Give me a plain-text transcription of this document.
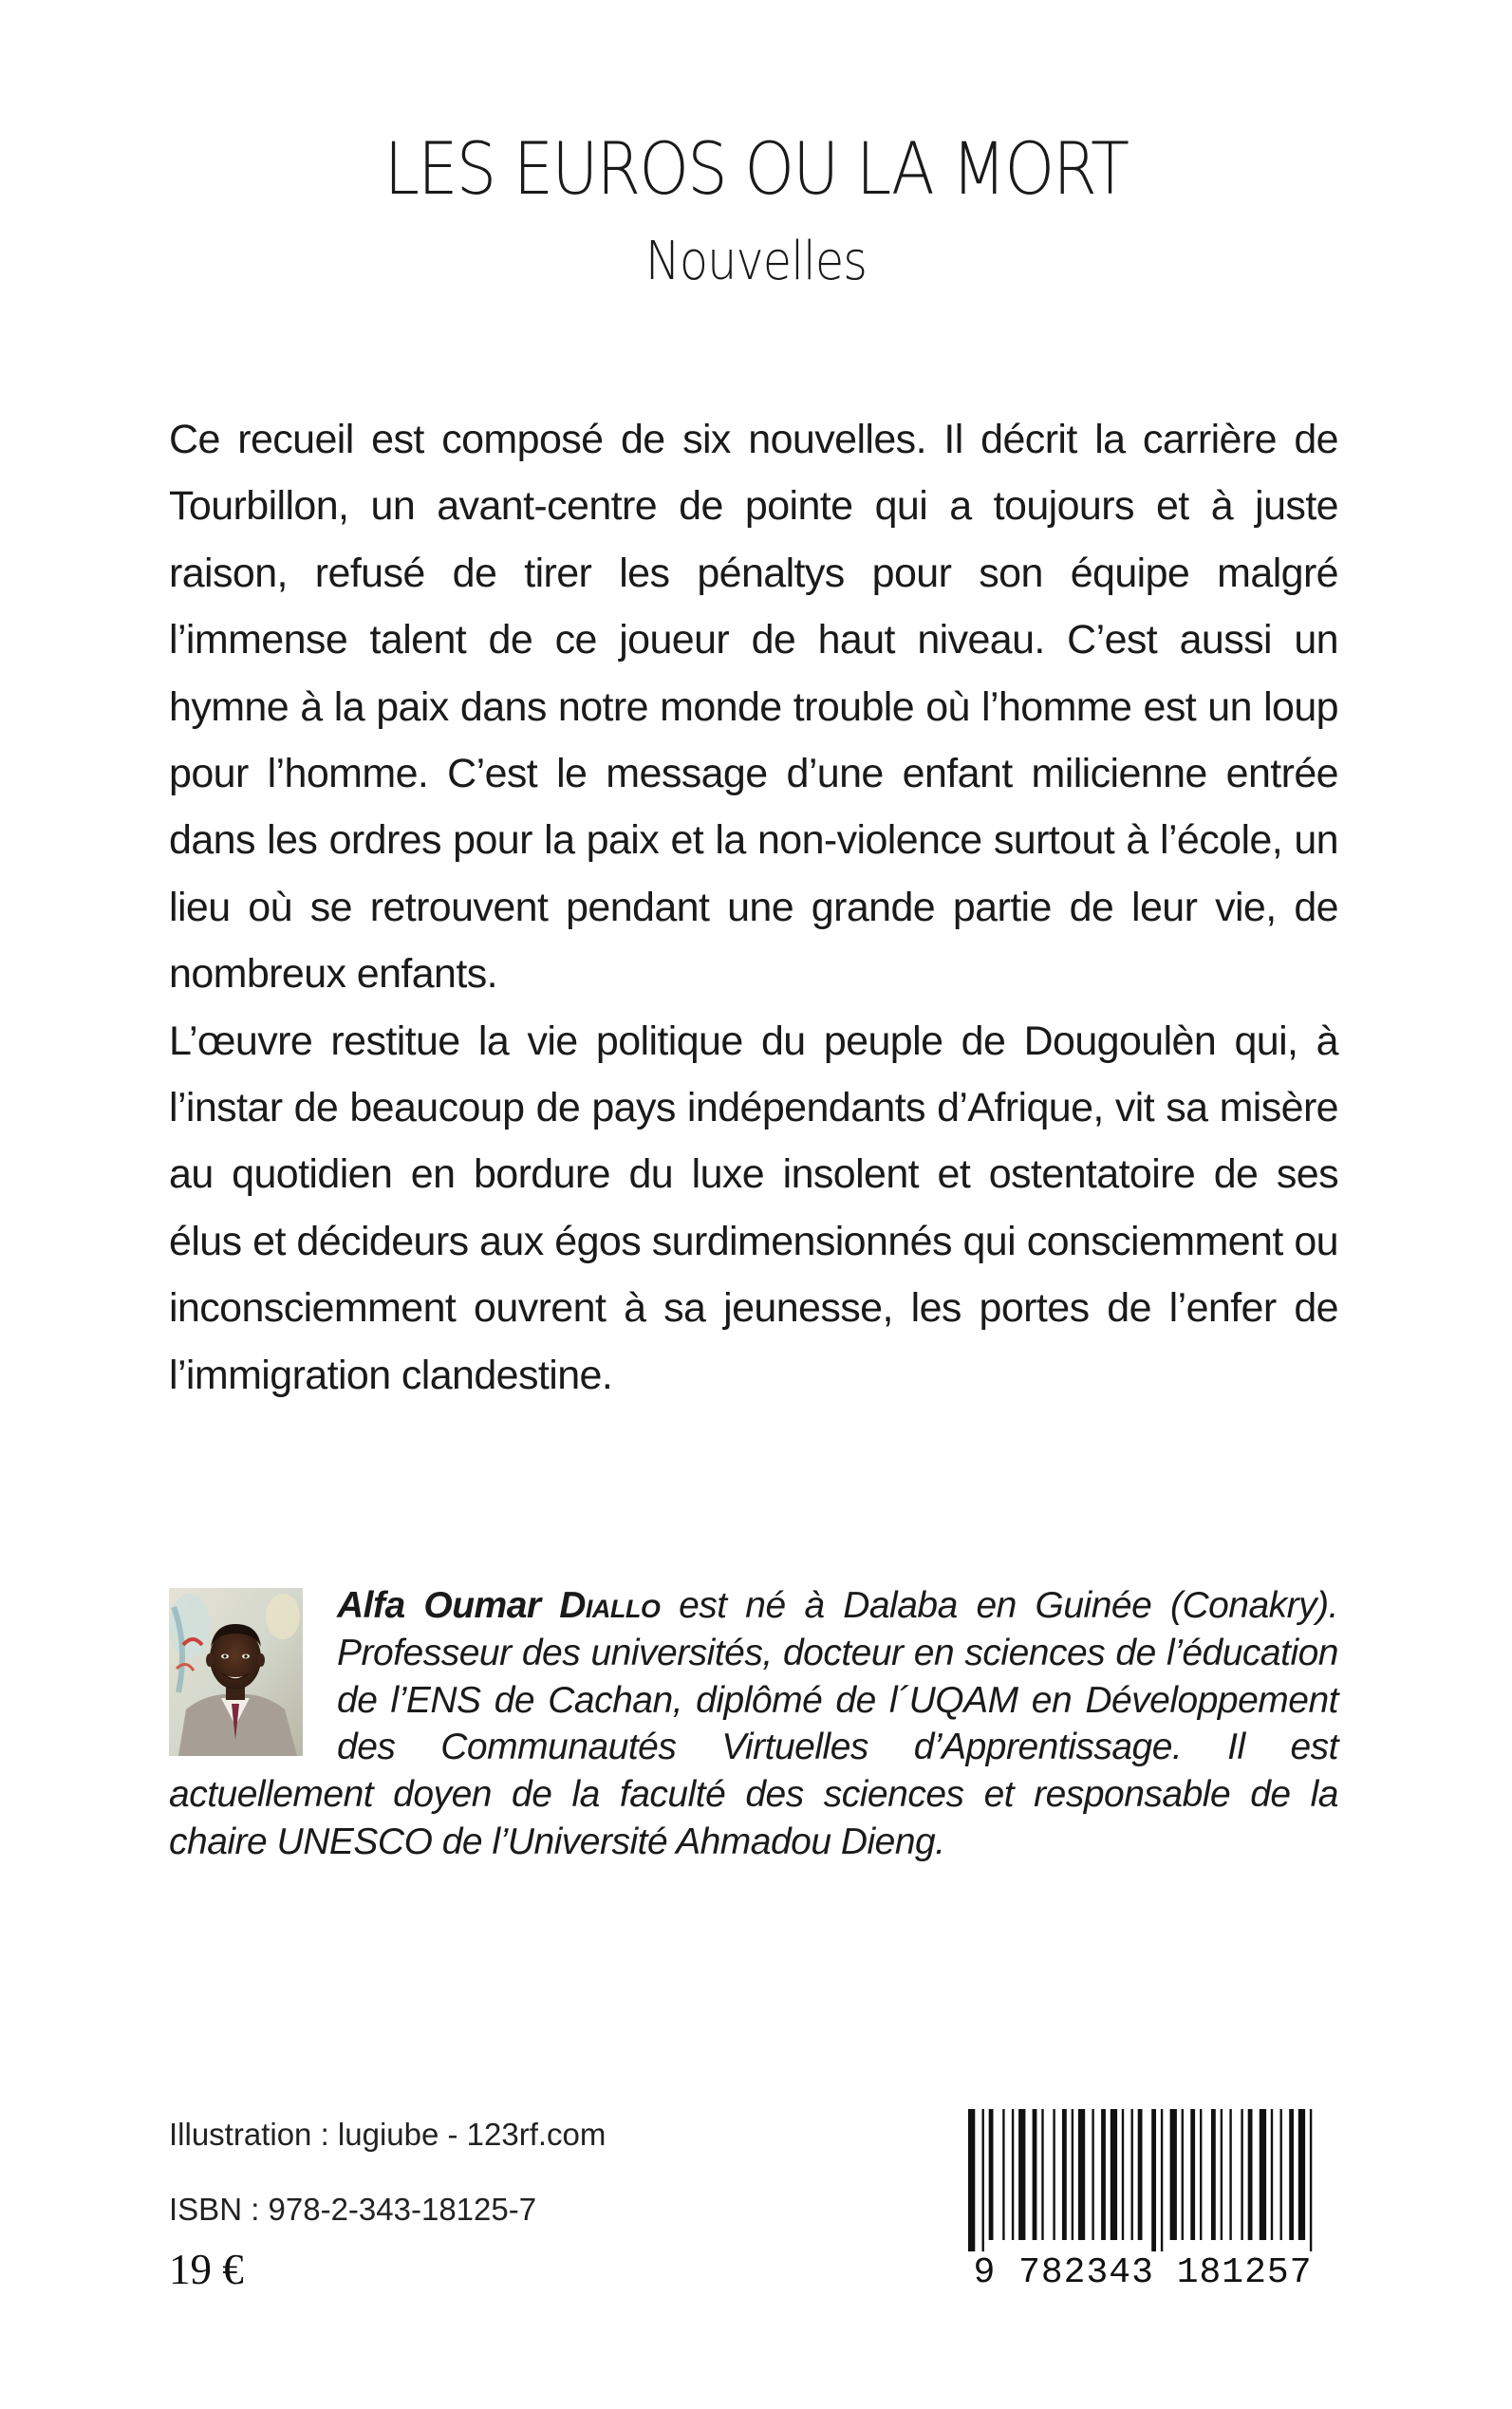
LES EUROS OU LA MORT
Nouvelles

Ce recueil est composé de six nouvelles. Il décrit la carrière de Tourbillon, un avant-centre de pointe qui a toujours et à juste raison, refusé de tirer les pénaltys pour son équipe malgré l’immense talent de ce joueur de haut niveau. C’est aussi un hymne à la paix dans notre monde trouble où l’homme est un loup pour l’homme. C’est le message d’une enfant milicienne entrée dans les ordres pour la paix et la non-violence surtout à l’école, un lieu où se retrouvent pendant une grande partie de leur vie, de nombreux enfants.

L’œuvre restitue la vie politique du peuple de Dougoulèn qui, à l’instar de beaucoup de pays indépendants d’Afrique, vit sa misère au quotidien en bordure du luxe insolent et ostentatoire de ses élus et décideurs aux égos surdimensionnés qui consciemment ou inconsciemment ouvrent à sa jeunesse, les portes de l’enfer de l’immigration clandestine.

Alfa Oumar Diallo est né à Dalaba en Guinée (Conakry). Professeur des universités, docteur en sciences de l’éducation de l’ENS de Cachan, diplômé de l´UQAM en Développement des Communautés Virtuelles d’Apprentissage. Il est actuellement doyen de la faculté des sciences et responsable de la chaire UNESCO de l’Université Ahmadou Dieng.

Illustration : lugiube - 123rf.com
ISBN : 978-2-343-18125-7
19 €	9 782343 181257
